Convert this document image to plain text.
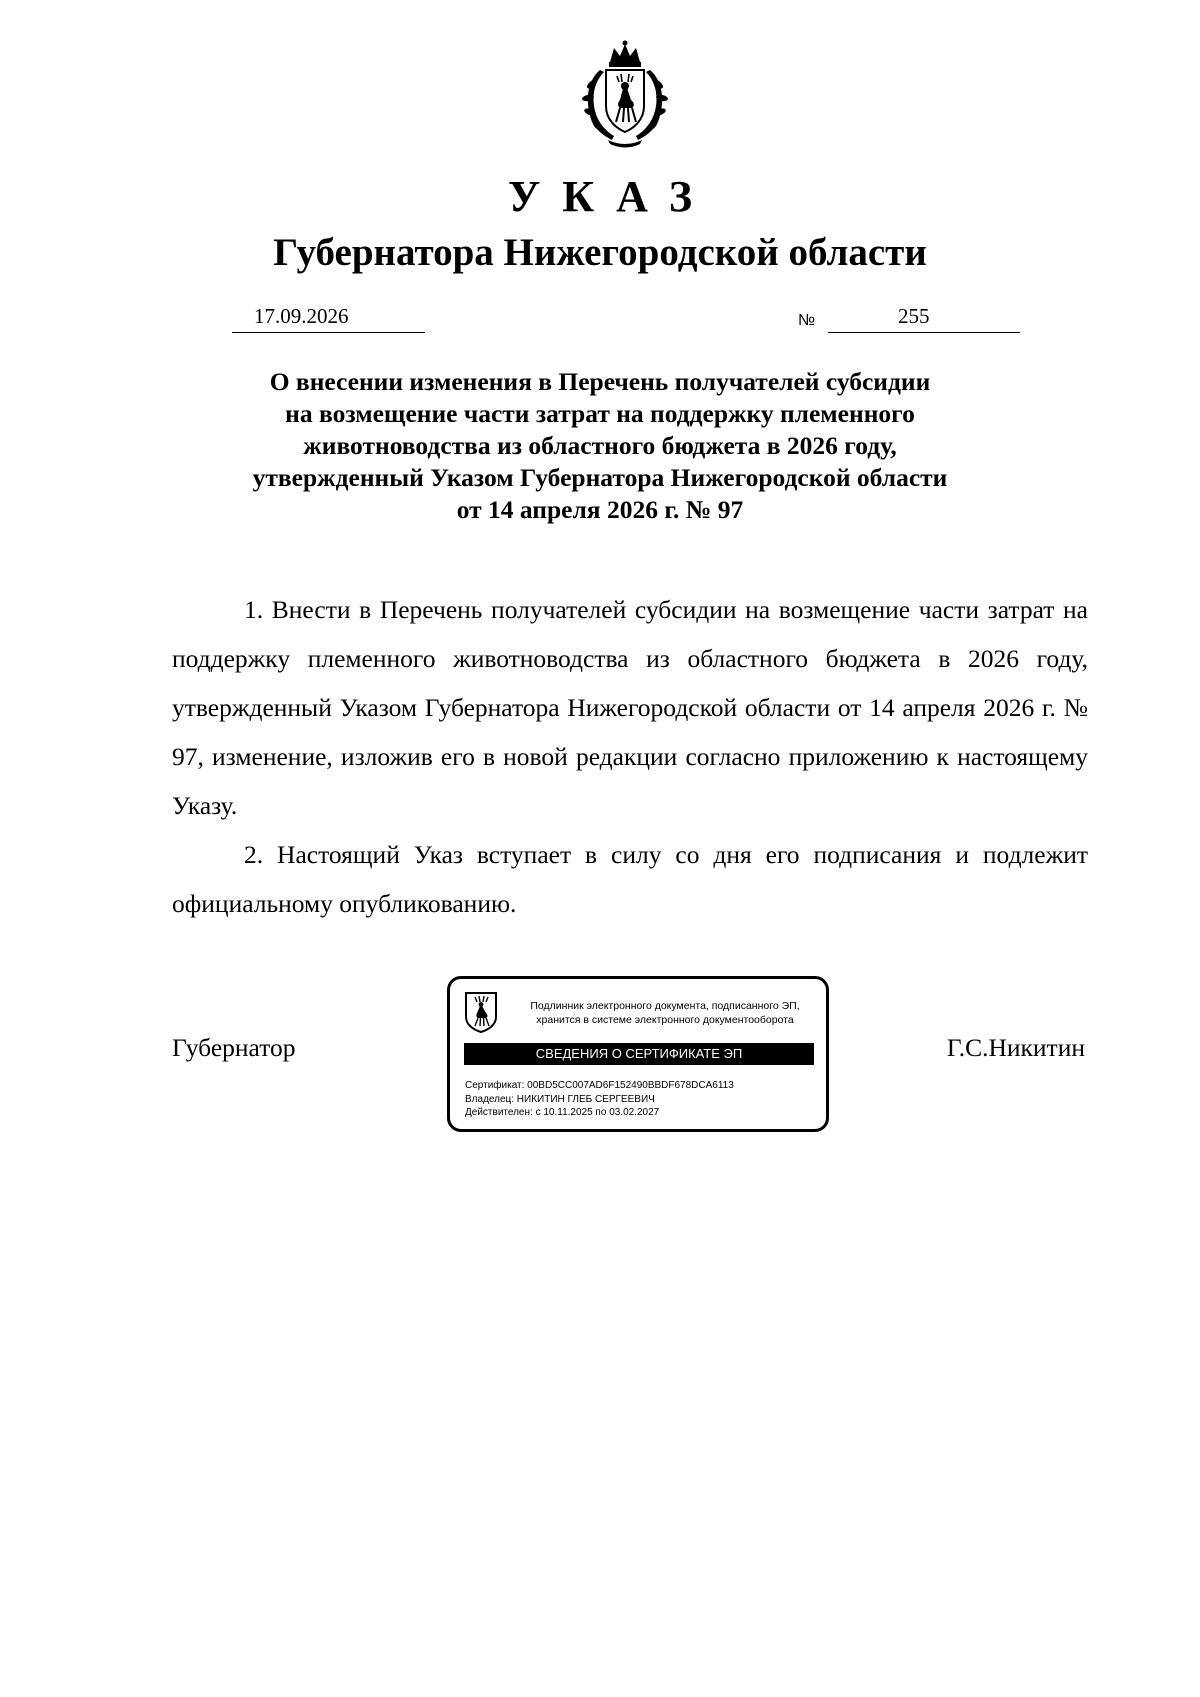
УКАЗ
Губернатора Нижегородской области
17.09.2026	№	255
О внесении изменения в Перечень получателей субсидии
на возмещение части затрат на поддержку племенного
животноводства из областного бюджета в 2026 году,
утвержденный Указом Губернатора Нижегородской области
от 14 апреля 2026 г. № 97

1. Внести в Перечень получателей субсидии на возмещение части затрат на поддержку племенного животноводства из областного бюджета в 2026 году, утвержденный Указом Губернатора Нижегородской области от 14 апреля 2026 г. № 97, изменение, изложив его в новой редакции согласно приложению к настоящему Указу.

2. Настоящий Указ вступает в силу со дня его подписания и подлежит официальному опубликованию.

Губернатор	Г.С.Никитин
Подлинник электронного документа, подписанного ЭП,
хранится в системе электронного документооборота
СВЕДЕНИЯ О СЕРТИФИКАТЕ ЭП
Сертификат: 00BD5CC007AD6F152490BBDF678DCA6113
Владелец: НИКИТИН ГЛЕБ СЕРГЕЕВИЧ
Действителен: с 10.11.2025 по 03.02.2027
